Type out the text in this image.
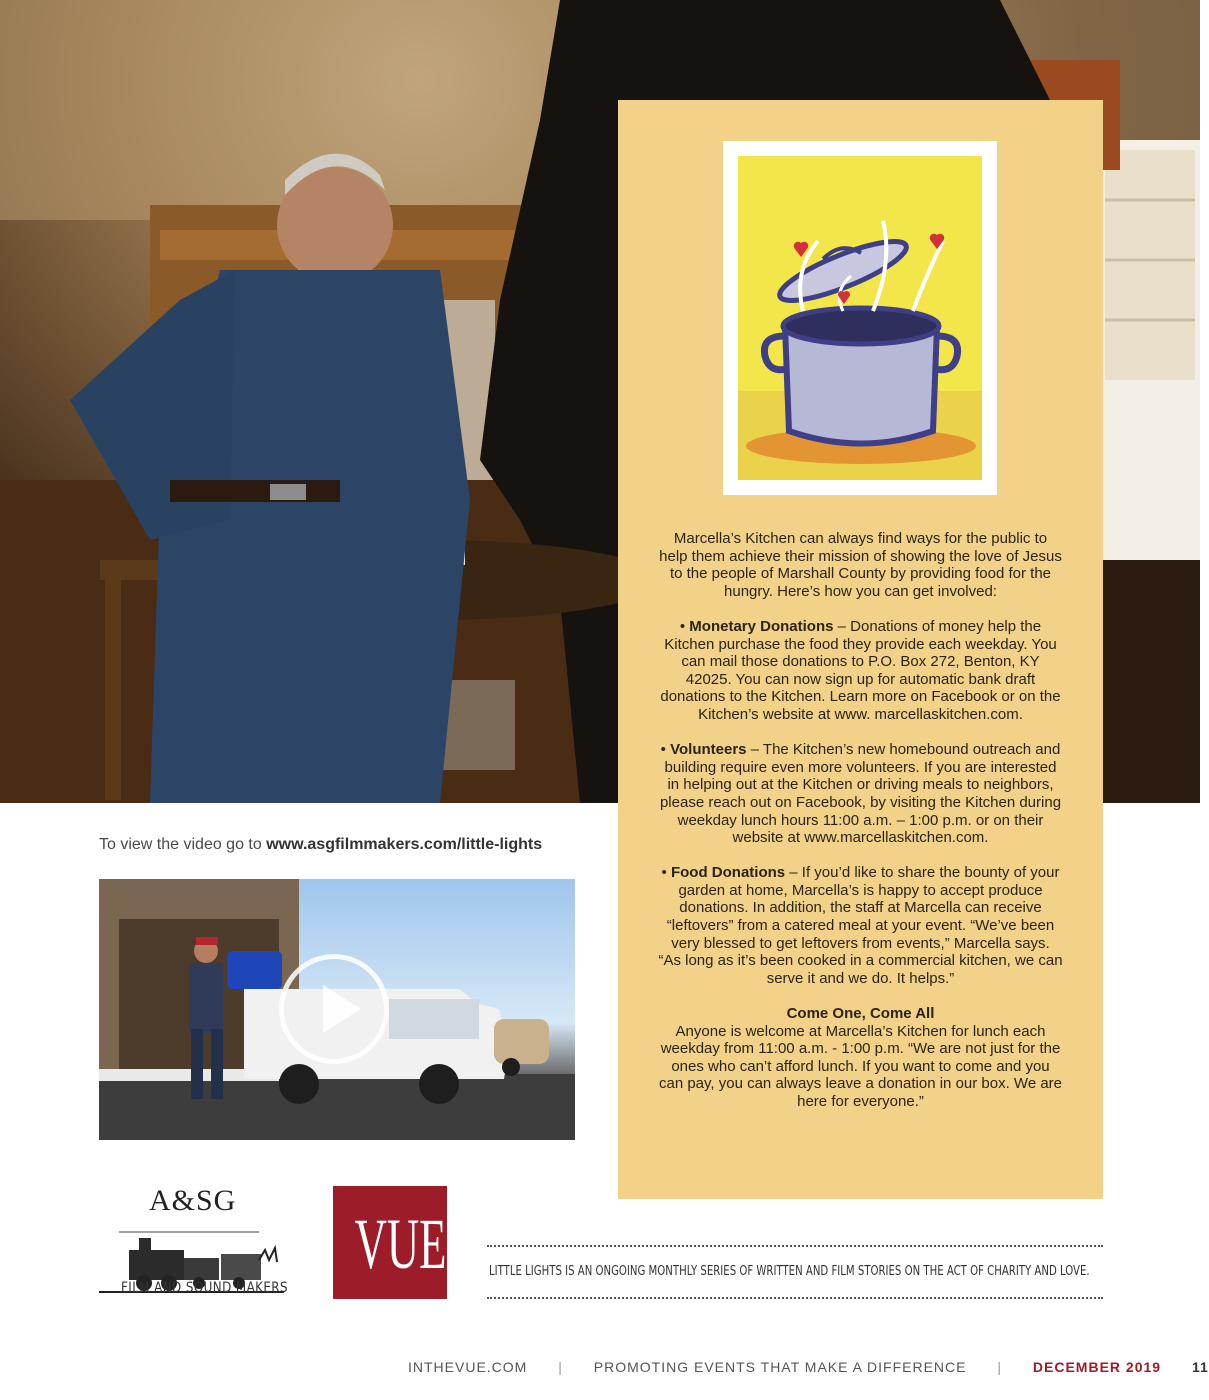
Marcella’s Kitchen can always find ways for the public to help them achieve their mission of showing the love of Jesus to the people of Marshall County by providing food for the hungry. Here’s how you can get involved:

• Monetary Donations – Donations of money help the Kitchen purchase the food they provide each weekday. You can mail those donations to P.O. Box 272, Benton, KY 42025. You can now sign up for automatic bank draft donations to the Kitchen. Learn more on Facebook or on the Kitchen’s website at www. marcellaskitchen.com.

• Volunteers – The Kitchen’s new homebound outreach and building require even more volunteers. If you are interested in helping out at the Kitchen or driving meals to neighbors, please reach out on Facebook, by visiting the Kitchen during weekday lunch hours 11:00 a.m. – 1:00 p.m. or on their website at www.marcellaskitchen.com.

• Food Donations – If you’d like to share the bounty of your garden at home, Marcella’s is happy to accept produce donations. In addition, the staff at Marcella can receive “leftovers” from a catered meal at your event. “We’ve been very blessed to get leftovers from events,” Marcella says. “As long as it’s been cooked in a commercial kitchen, we can serve it and we do. It helps.”

Come One, Come All
Anyone is welcome at Marcella’s Kitchen for lunch each weekday from 11:00 a.m. - 1:00 p.m. “We are not just for the ones who can’t afford lunch. If you want to come and you can pay, you can always leave a donation in our box. We are here for everyone.”

To view the video go to www.asgfilmmakers.com/little-lights
A&SG
FILM AND SOUND MAKERS
VUE	LITTLE LIGHTS IS AN ONGOING MONTHLY SERIES OF WRITTEN AND FILM STORIES ON THE ACT OF CHARITY AND LOVE.
INTHEVUE.COM | PROMOTING EVENTS THAT MAKE A DIFFERENCE | DECEMBER 2019 11
